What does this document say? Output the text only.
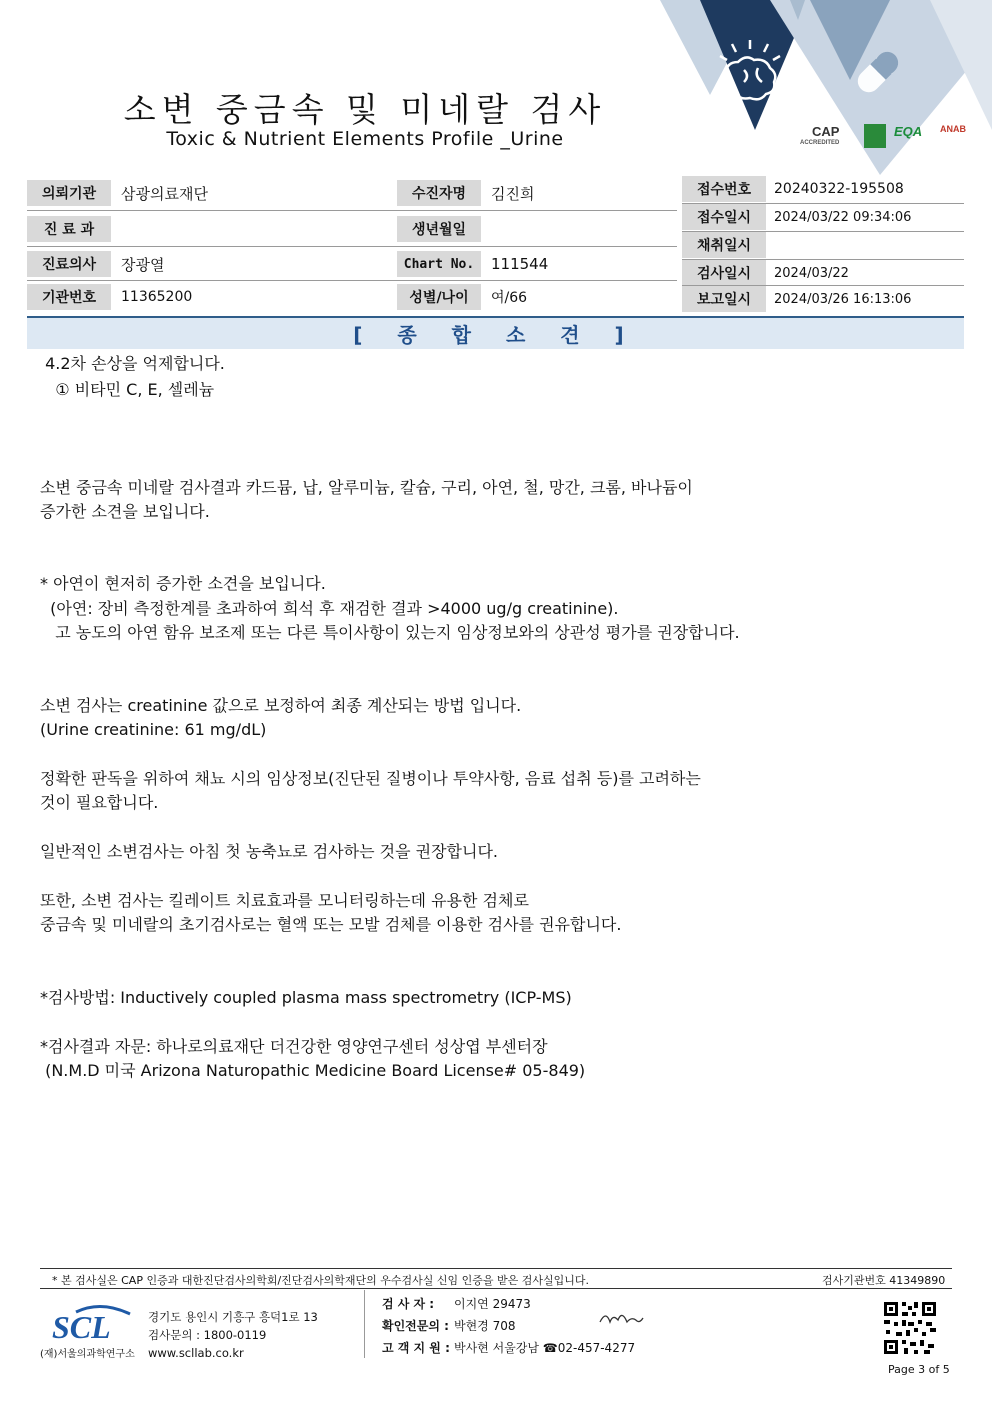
소변 중금속 및 미네랄 검사
Toxic & Nutrient Elements Profile _Urine	CAP
ACCREDITED
EQA ANAB
의뢰기관	삼광의료재단
진 료 과
진료의사	장광열
기관번호	11365200
수진자명	김진희
생년월일
Chart No.	111544
성별/나이	여/66
접수번호	20240322-195508
접수일시	2024/03/22 09:34:06
채취일시
검사일시	2024/03/22
보고일시	2024/03/26 16:13:06
[ 종 합 소 견 ]
4.2차 손상을 억제합니다.
① 비타민 C, E, 셀레늄
소변 중금속 미네랄 검사결과 카드뮴, 납, 알루미늄, 칼슘, 구리, 아연, 철, 망간, 크롬, 바나듐이
증가한 소견을 보입니다.
* 아연이 현저히 증가한 소견을 보입니다.
(아연: 장비 측정한계를 초과하여 희석 후 재검한 결과 >4000 ug/g creatinine).
고 농도의 아연 함유 보조제 또는 다른 특이사항이 있는지 임상정보와의 상관성 평가를 권장합니다.
소변 검사는 creatinine 값으로 보정하여 최종 계산되는 방법 입니다.
(Urine creatinine: 61 mg/dL)
정확한 판독을 위하여 채뇨 시의 임상정보(진단된 질병이나 투약사항, 음료 섭취 등)를 고려하는
것이 필요합니다.
일반적인 소변검사는 아침 첫 농축뇨로 검사하는 것을 권장합니다.
또한, 소변 검사는 킬레이트 치료효과를 모니터링하는데 유용한 검체로
중금속 및 미네랄의 초기검사로는 혈액 또는 모발 검체를 이용한 검사를 권유합니다.
*검사방법: Inductively coupled plasma mass spectrometry (ICP-MS)
*검사결과 자문: 하나로의료재단 더건강한 영양연구센터 성상엽 부센터장
(N.M.D 미국 Arizona Naturopathic Medicine Board License# 05-849)
* 본 검사실은 CAP 인증과 대한진단검사의학회/진단검사의학재단의 우수검사실 신임 인증을 받은 검사실입니다.	검사기관번호 41349890
SCL
(재)서울의과학연구소
경기도 용인시 기흥구 흥덕1로 13
검사문의 : 1800-0119
www.scllab.co.kr
검 사 자 : 이지연 29473
확인전문의 : 박현경 708
고 객 지 원 : 박사현 서울강남 ☎02-457-4277
Page 3 of 5
